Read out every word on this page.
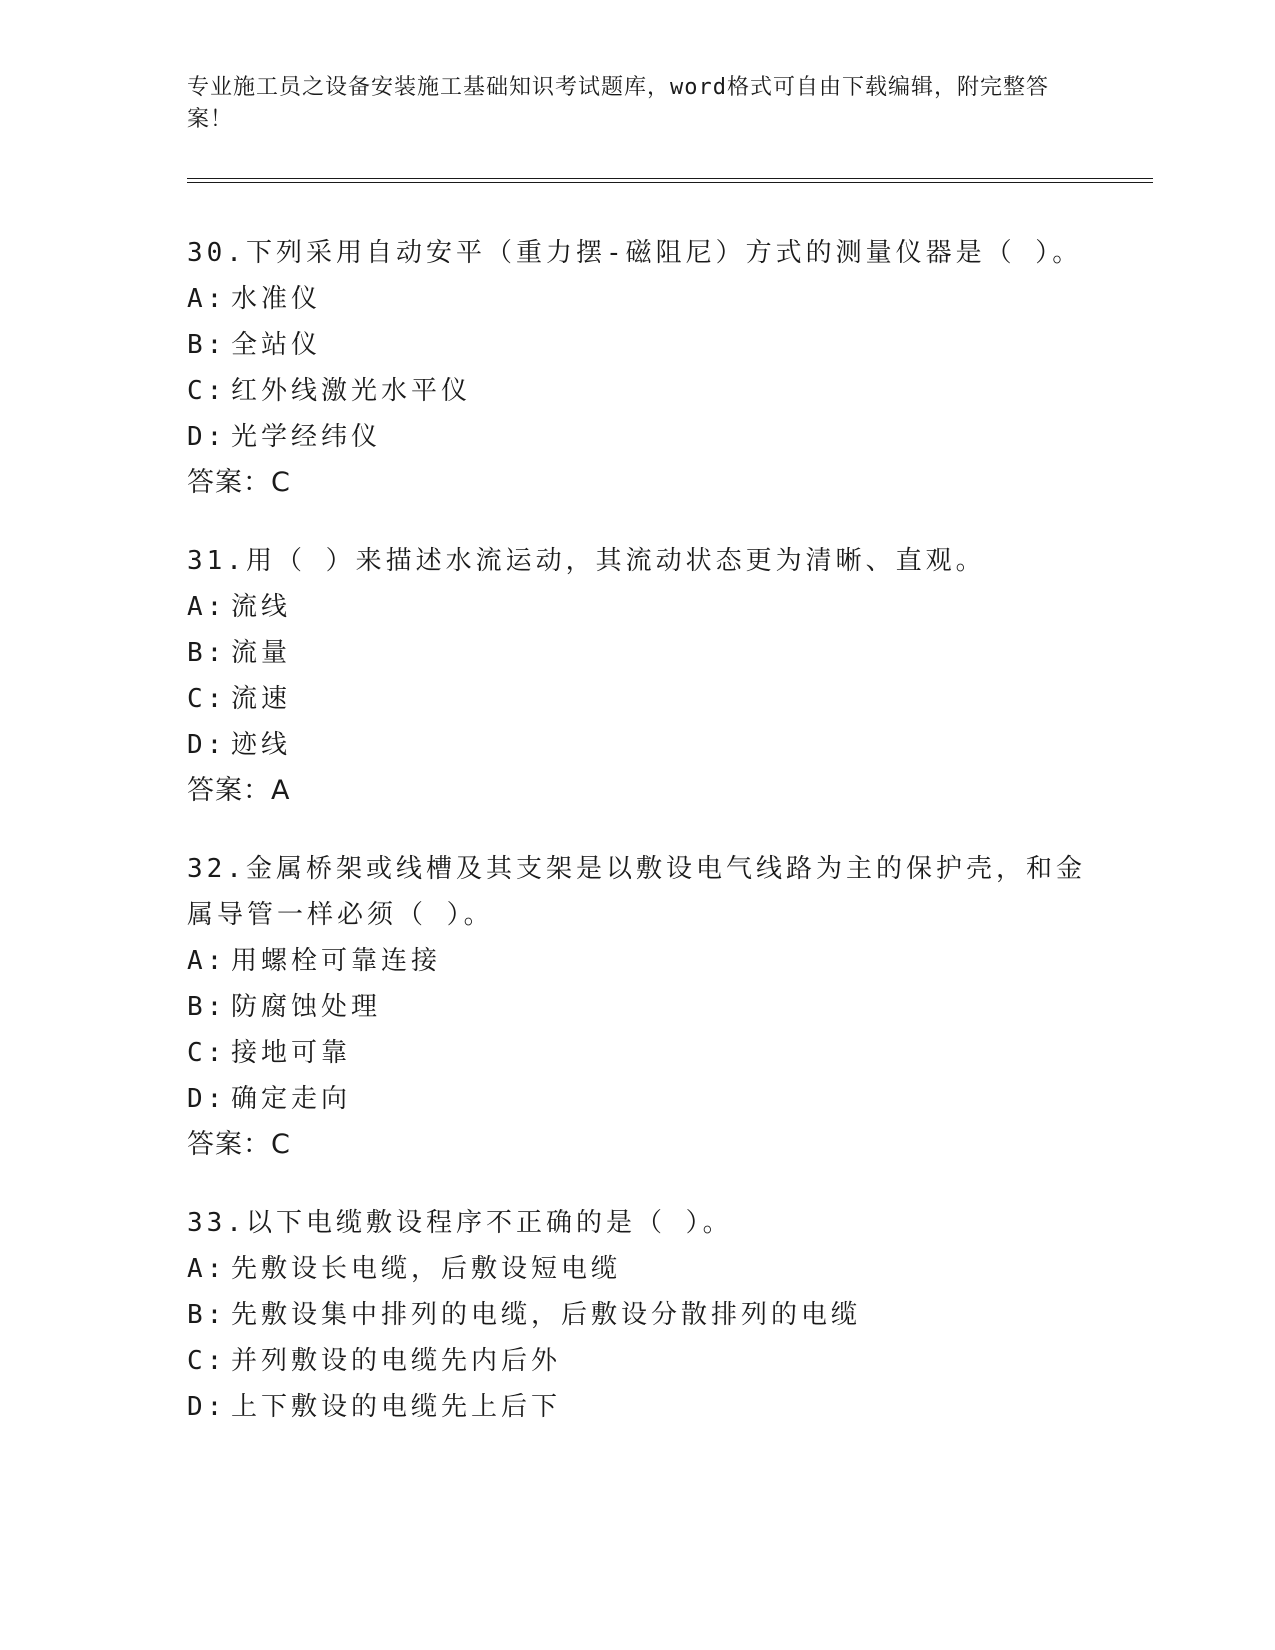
专业施工员之设备安装施工基础知识考试题库，word格式可自由下载编辑，附完整答案！

30.下列采用自动安平（重力摆-磁阻尼）方式的测量仪器是（ ）。

A: 水准仪
B: 全站仪
C: 红外线激光水平仪
D: 光学经纬仪
答案：C

31.用（ ）来描述水流运动，其流动状态更为清晰、直观。

A: 流线
B: 流量
C: 流速
D: 迹线
答案：A

32.金属桥架或线槽及其支架是以敷设电气线路为主的保护壳，和金属导管一样必须（ ）。

A: 用螺栓可靠连接
B: 防腐蚀处理
C: 接地可靠
D: 确定走向
答案：C

33.以下电缆敷设程序不正确的是（ ）。

A: 先敷设长电缆，后敷设短电缆
B: 先敷设集中排列的电缆，后敷设分散排列的电缆
C: 并列敷设的电缆先内后外
D: 上下敷设的电缆先上后下
